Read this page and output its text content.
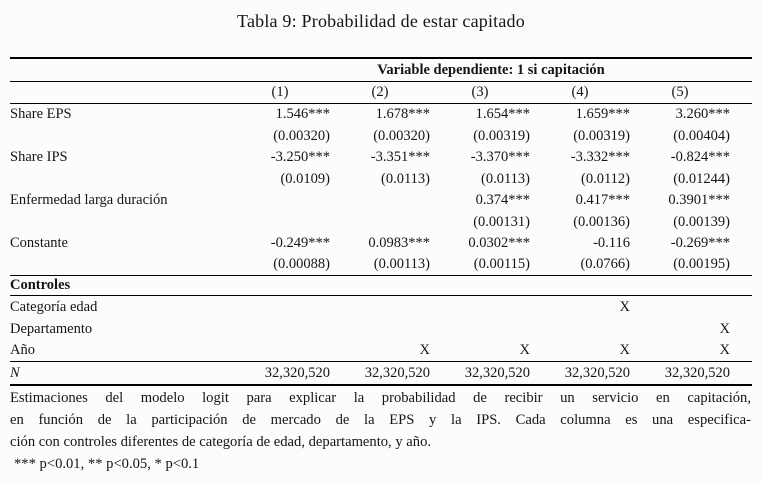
Tabla 9: Probabilidad de estar capitado
	Variable dependiente: 1 si capitación					
	(1)	(2)	(3)	(4)	(5)	
Share EPS	1.546***	1.678***	1.654***	1.659***	3.260***	
	(0.00320)	(0.00320)	(0.00319)	(0.00319)	(0.00404)	
Share IPS	-3.250***	-3.351***	-3.370***	-3.332***	-0.824***	
	(0.0109)	(0.0113)	(0.0113)	(0.0112)	(0.01244)	
Enfermedad larga duración			0.374***	0.417***	0.3901***	
			(0.00131)	(0.00136)	(0.00139)	
Constante	-0.249***	0.0983***	0.0302***	-0.116	-0.269***	
	(0.00088)	(0.00113)	(0.00115)	(0.0766)	(0.00195)	
Controles						
Categoría edad				X		
Departamento					X	
Año		X	X	X	X	
N	32,320,520	32,320,520	32,320,520	32,320,520	32,320,520	
Estimaciones del modelo logit para explicar la probabilidad de recibir un servicio en capitación,
en función de la participación de mercado de la EPS y la IPS. Cada columna es una especifica-
ción con controles diferentes de categoría de edad, departamento, y año.
*** p<0.01, ** p<0.05, * p<0.1
